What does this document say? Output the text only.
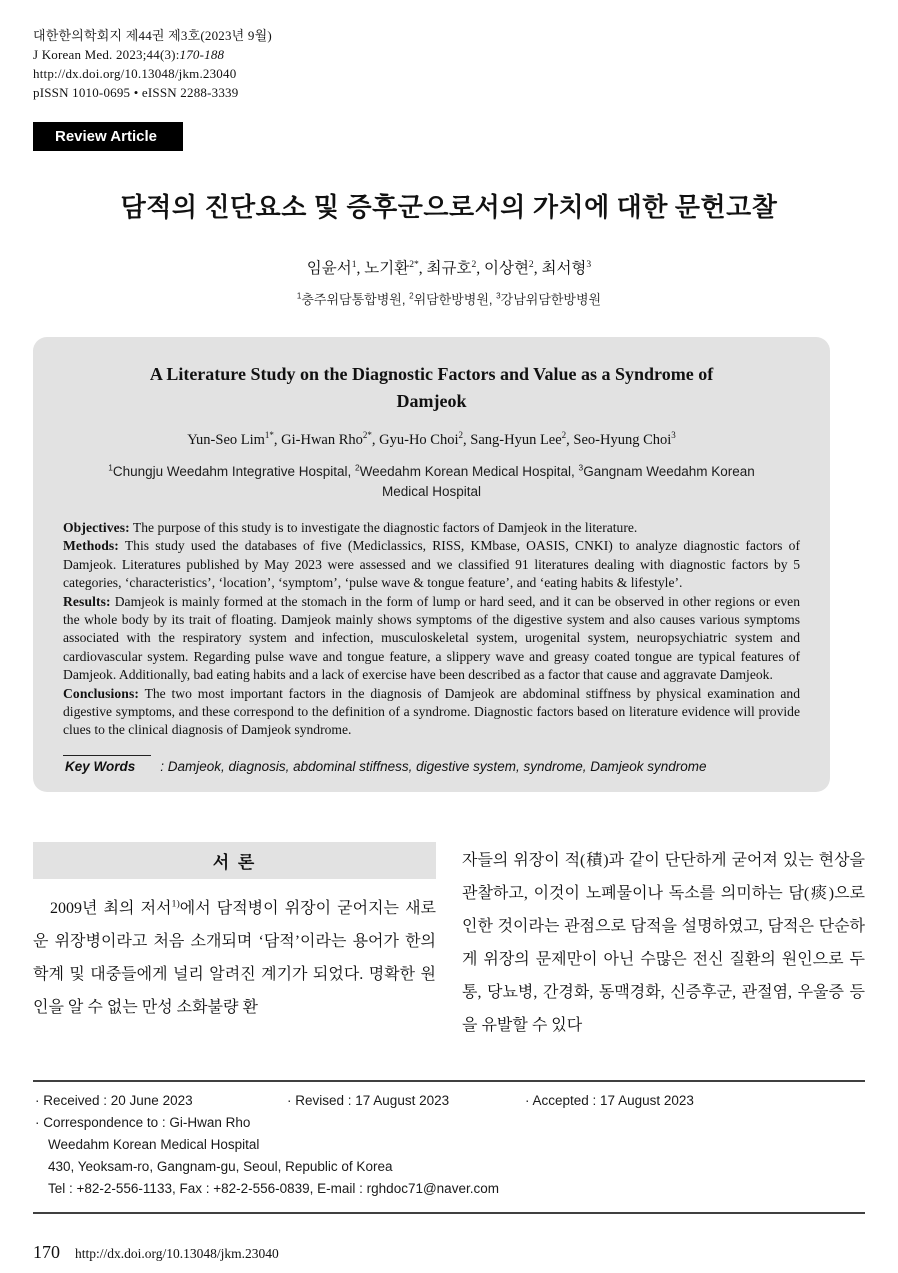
대한한의학회지 제44권 제3호(2023년 9월)
J Korean Med. 2023;44(3):170-188
http://dx.doi.org/10.13048/jkm.23040
pISSN 1010-0695 • eISSN 2288-3339
Review Article
담적의 진단요소 및 증후군으로서의 가치에 대한 문헌고찰
임윤서$^1$, 노기환$^{2*}$, 최규호$^2$, 이상현$^2$, 최서형$^3$
$^1$충주위담통합병원, $^2$위담한방병원, $^3$강남위담한방병원
A Literature Study on the Diagnostic Factors and Value as a Syndrome of Damjeok
Yun-Seo Lim$^{1*}$, Gi-Hwan Rho$^{2*}$, Gyu-Ho Choi$^2$, Sang-Hyun Lee$^2$, Seo-Hyung Choi$^3$
$^1$Chungju Weedahm Integrative Hospital, $^2$Weedahm Korean Medical Hospital, $^3$Gangnam Weedahm Korean Medical Hospital

Objectives: The purpose of this study is to investigate the diagnostic factors of Damjeok in the literature.

Methods: This study used the databases of five (Mediclassics, RISS, KMbase, OASIS, CNKI) to analyze diagnostic factors of Damjeok. Literatures published by May 2023 were assessed and we classified 91 literatures dealing with diagnostic factors by 5 categories, ‘characteristics’, ‘location’, ‘symptom’, ‘pulse wave & tongue feature’, and ‘eating habits & lifestyle’.

Results: Damjeok is mainly formed at the stomach in the form of lump or hard seed, and it can be observed in other regions or even the whole body by its trait of floating. Damjeok mainly shows symptoms of the digestive system and also causes various symptoms associated with the respiratory system and infection, musculoskeletal system, urogenital system, neuropsychiatric system and cardiovascular system. Regarding pulse wave and tongue feature, a slippery wave and greasy coated tongue are typical features of Damjeok. Additionally, bad eating habits and a lack of exercise have been described as a factor that cause and aggravate Damjeok.

Conclusions: The two most important factors in the diagnosis of Damjeok are abdominal stiffness by physical examination and digestive symptoms, and these correspond to the definition of a syndrome. Diagnostic factors based on literature evidence will provide clues to the clinical diagnosis of Damjeok syndrome.

Key Words : Damjeok, diagnosis, abdominal stiffness, digestive system, syndrome, Damjeok syndrome
서 론

2009년 최의 저서$^{1)}$에서 담적병이 위장이 굳어지는 새로운 위장병이라고 처음 소개되며 ‘담적’이라는 용어가 한의학계 및 대중들에게 널리 알려진 계기가 되었다. 명확한 원인을 알 수 없는 만성 소화불량 환

자들의 위장이 적(積)과 같이 단단하게 굳어져 있는 현상을 관찰하고, 이것이 노폐물이나 독소를 의미하는 담(痰)으로 인한 것이라는 관점으로 담적을 설명하였고, 담적은 단순하게 위장의 문제만이 아닌 수많은 전신 질환의 원인으로 두통, 당뇨병, 간경화, 동맥경화, 신증후군, 관절염, 우울증 등을 유발할 수 있다

· Received : 20 June 2023	· Revised : 17 August 2023	· Accepted : 17 August 2023
· Correspondence to : Gi-Hwan Rho
Weedahm Korean Medical Hospital
430, Yeoksam-ro, Gangnam-gu, Seoul, Republic of Korea
Tel : +82-2-556-1133, Fax : +82-2-556-0839, E-mail : rghdoc71@naver.com
170 http://dx.doi.org/10.13048/jkm.23040
